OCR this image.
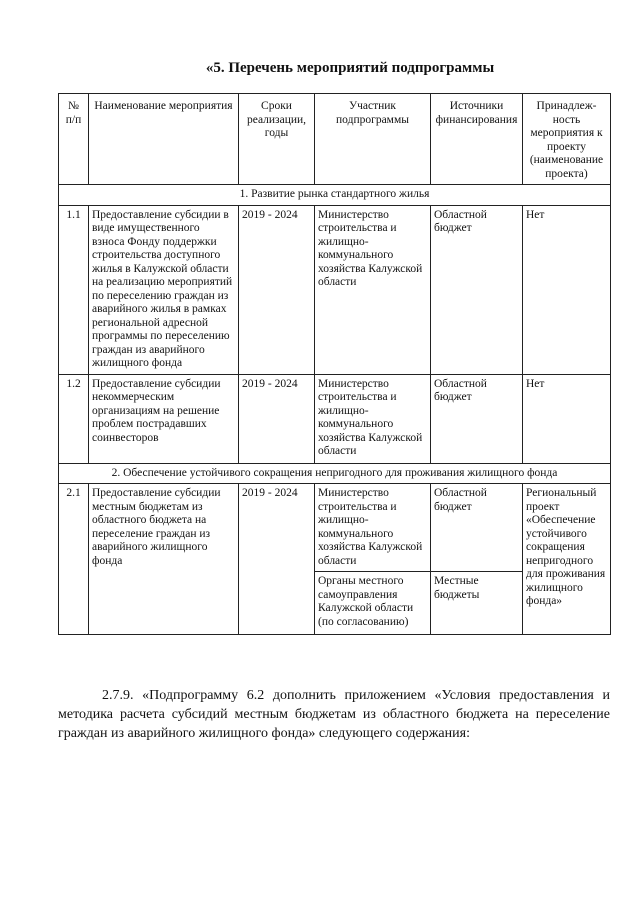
«5. Перечень мероприятий подпрограммы
№ п/п	Наименование мероприятия	Сроки реализации, годы	Участник подпрограммы	Источники финансирования	Принадлеж-ность мероприятия к проекту (наименование проекта)
1. Развитие рынка стандартного жилья					
1.1	Предоставление субсидии в виде имущественного взноса Фонду поддержки строительства доступного жилья в Калужской области на реализацию мероприятий по переселению граждан из аварийного жилья в рамках региональной адресной программы по переселению граждан из аварийного жилищного фонда	2019 - 2024	Министерство строительства и жилищно-коммунального хозяйства Калужской области	Областной бюджет	Нет
1.2	Предоставление субсидии некоммерческим организациям на решение проблем пострадавших соинвесторов	2019 - 2024	Министерство строительства и жилищно-коммунального хозяйства Калужской области	Областной бюджет	Нет
2. Обеспечение устойчивого сокращения непригодного для проживания жилищного фонда					
2.1	Предоставление субсидии местным бюджетам из областного бюджета на переселение граждан из аварийного жилищного фонда	2019 - 2024	Министерство строительства и жилищно-коммунального хозяйства Калужской области	Областной бюджет	Региональный проект «Обеспечение устойчивого сокращения непригодного для проживания жилищного фонда»
			Органы местного самоуправления Калужской области (по согласованию)	Местные бюджеты	
2.7.9. «Подпрограмму 6.2 дополнить приложением «Условия предоставления и методика расчета субсидий местным бюджетам из областного бюджета на переселение граждан из аварийного жилищного фонда» следующего содержания:
